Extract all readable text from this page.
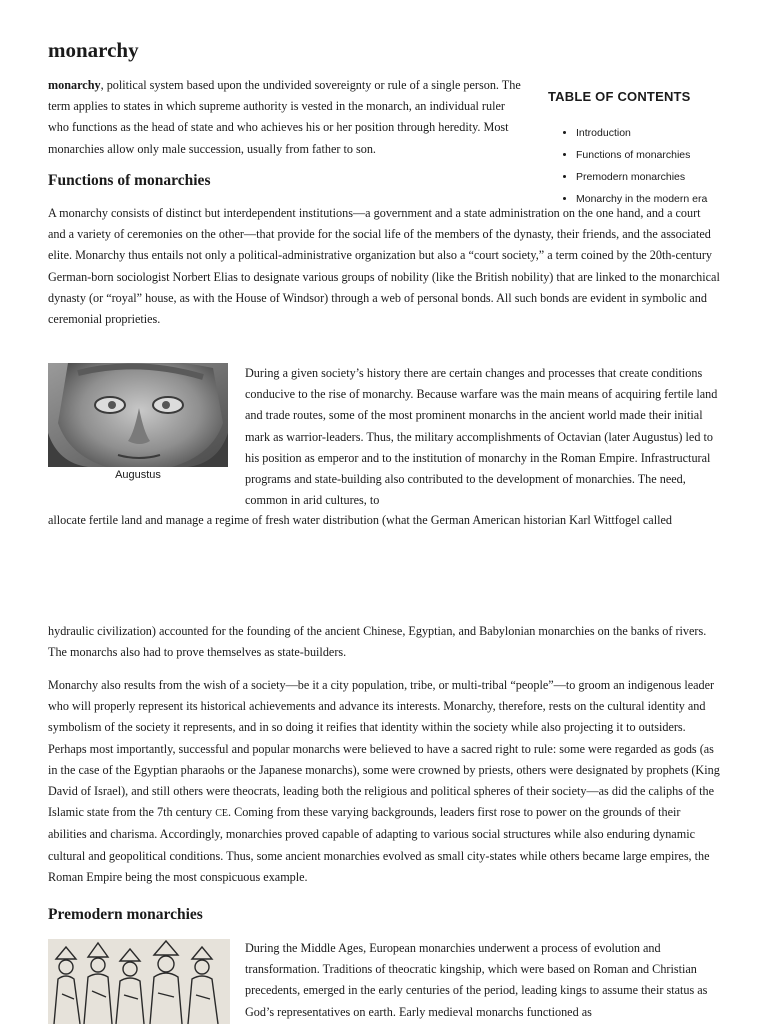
monarchy

monarchy, political system based upon the undivided sovereignty or rule of a single person. The term applies to states in which supreme authority is vested in the monarch, an individual ruler who functions as the head of state and who achieves his or her position through heredity. Most monarchies allow only male succession, usually from father to son.

TABLE OF CONTENTS
• Introduction
• Functions of monarchies
• Premodern monarchies
• Monarchy in the modern era
Functions of monarchies

A monarchy consists of distinct but interdependent institutions—a government and a state administration on the one hand, and a court and a variety of ceremonies on the other—that provide for the social life of the members of the dynasty, their friends, and the associated elite. Monarchy thus entails not only a political-administrative organization but also a “court society,” a term coined by the 20th-century German-born sociologist Norbert Elias to designate various groups of nobility (like the British nobility) that are linked to the monarchical dynasty (or “royal” house, as with the House of Windsor) through a web of personal bonds. All such bonds are evident in symbolic and ceremonial proprieties.

Augustus

During a given society’s history there are certain changes and processes that create conditions conducive to the rise of monarchy. Because warfare was the main means of acquiring fertile land and trade routes, some of the most prominent monarchs in the ancient world made their initial mark as warrior-leaders. Thus, the military accomplishments of Octavian (later Augustus) led to his position as emperor and to the institution of monarchy in the Roman Empire. Infrastructural programs and state-building also contributed to the development of monarchies. The need, common in arid cultures, to

allocate fertile land and manage a regime of fresh water distribution (what the German American historian Karl Wittfogel called

hydraulic civilization) accounted for the founding of the ancient Chinese, Egyptian, and Babylonian monarchies on the banks of rivers. The monarchs also had to prove themselves as state-builders.

Monarchy also results from the wish of a society—be it a city population, tribe, or multi-tribal “people”—to groom an indigenous leader who will properly represent its historical achievements and advance its interests. Monarchy, therefore, rests on the cultural identity and symbolism of the society it represents, and in so doing it reifies that identity within the society while also projecting it to outsiders. Perhaps most importantly, successful and popular monarchs were believed to have a sacred right to rule: some were regarded as gods (as in the case of the Egyptian pharaohs or the Japanese monarchs), some were crowned by priests, others were designated by prophets (King David of Israel), and still others were theocrats, leading both the religious and political spheres of their society—as did the caliphs of the Islamic state from the 7th century CE. Coming from these varying backgrounds, leaders first rose to power on the grounds of their abilities and charisma. Accordingly, monarchies proved capable of adapting to various social structures while also enduring dynamic cultural and geopolitical conditions. Thus, some ancient monarchies evolved as small city-states while others became large empires, the Roman Empire being the most conspicuous example.

Premodern monarchies

During the Middle Ages, European monarchies underwent a process of evolution and transformation. Traditions of theocratic kingship, which were based on Roman and Christian precedents, emerged in the early centuries of the period, leading kings to assume their status as God’s representatives on earth. Early medieval monarchs functioned as
